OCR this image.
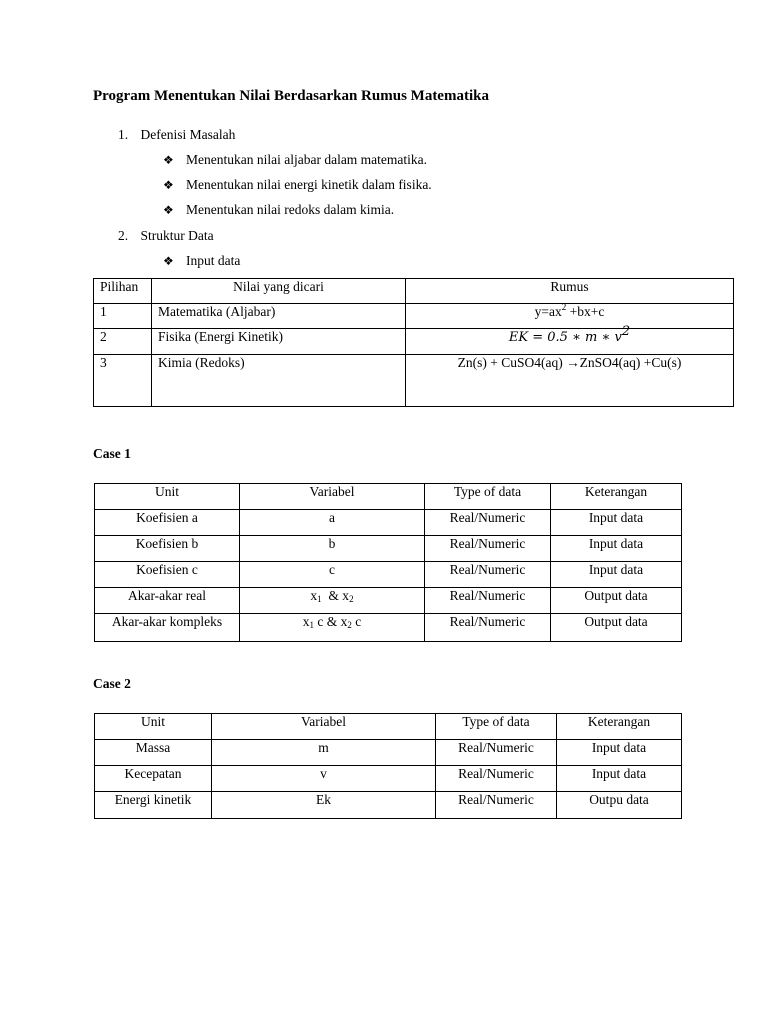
Program Menentukan Nilai Berdasarkan Rumus Matematika
1. Defenisi Masalah
❖ Menentukan nilai aljabar dalam matematika.
❖ Menentukan nilai energi kinetik dalam fisika.
❖ Menentukan nilai redoks dalam kimia.
2. Struktur Data
❖ Input data
Pilihan	Nilai yang dicari	Rumus
1	Matematika (Aljabar)	$y=ax^2 +bx+c$
2	Fisika (Energi Kinetik)	EK = 0.5 ∗ m ∗ $v^2$
3	Kimia (Redoks)	Zn(s) + CuSO4(aq) →ZnSO4(aq) +Cu(s)
Case 1
Unit	Variabel	Type of data	Keterangan
Koefisien a	a	Real/Numeric	Input data
Koefisien b	b	Real/Numeric	Input data
Koefisien c	c	Real/Numeric	Input data
Akar-akar real	$x_1$  & $x_2$	Real/Numeric	Output data
Akar-akar kompleks	$x_1$ c & $x_2$ c	Real/Numeric	Output data
Case 2
Unit	Variabel	Type of data	Keterangan
Massa	m	Real/Numeric	Input data
Kecepatan	v	Real/Numeric	Input data
Energi kinetik	Ek	Real/Numeric	Outpu data
